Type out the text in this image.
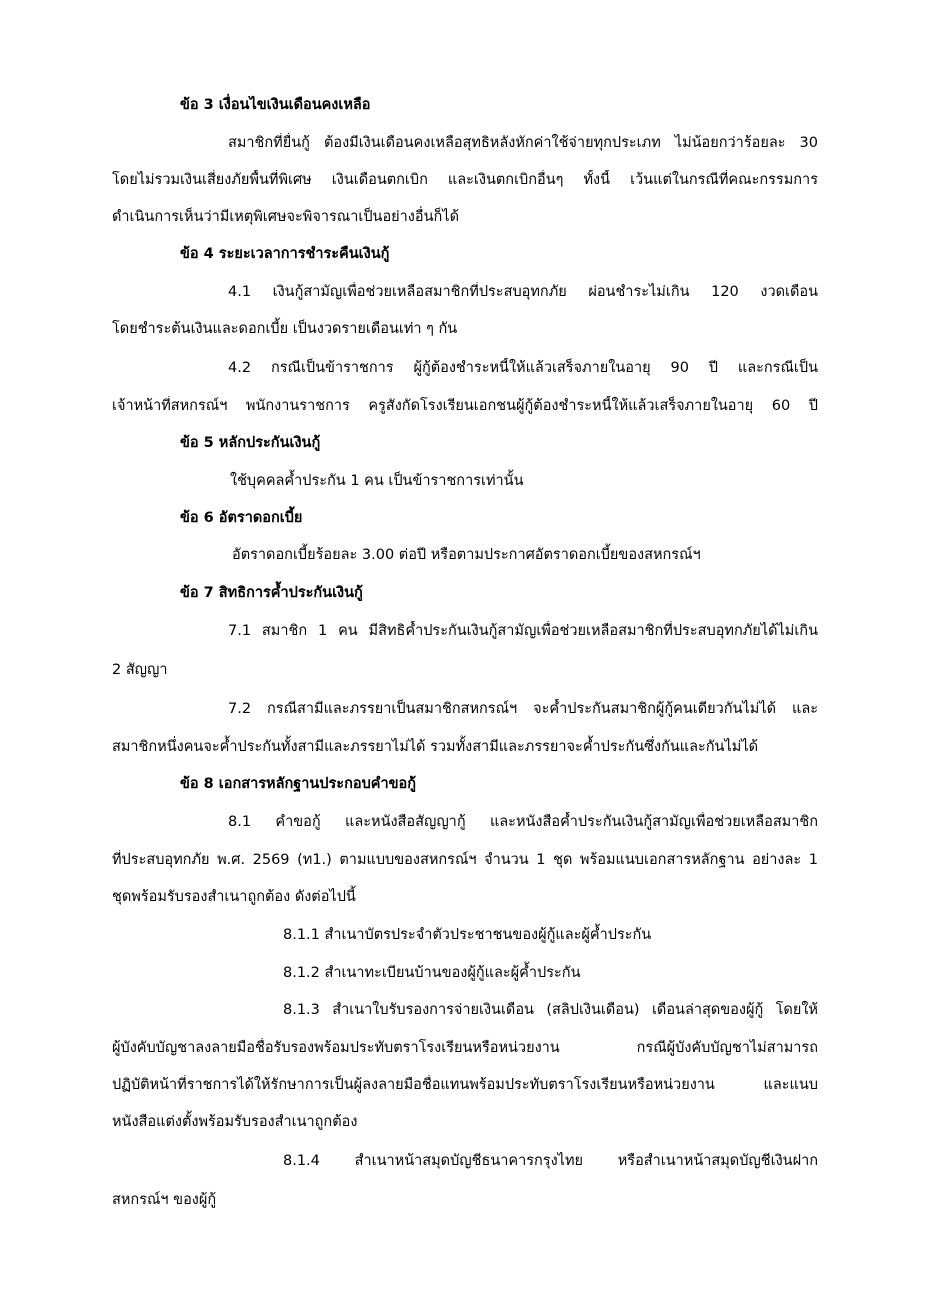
ข้อ 3 เงื่อนไขเงินเดือนคงเหลือ
สมาชิกที่ยื่นกู้ ต้องมีเงินเดือนคงเหลือสุทธิหลังหักค่าใช้จ่ายทุกประเภท ไม่น้อยกว่าร้อยละ 30
โดยไม่รวมเงินเสี่ยงภัยพื้นที่พิเศษ เงินเดือนตกเบิก และเงินตกเบิกอื่นๆ ทั้งนี้ เว้นแต่ในกรณีที่คณะกรรมการ
ดำเนินการเห็นว่ามีเหตุพิเศษจะพิจารณาเป็นอย่างอื่นก็ได้
ข้อ 4 ระยะเวลาการชำระคืนเงินกู้
4.1 เงินกู้สามัญเพื่อช่วยเหลือสมาชิกที่ประสบอุทกภัย ผ่อนชำระไม่เกิน 120 งวดเดือน
โดยชำระต้นเงินและดอกเบี้ย เป็นงวดรายเดือนเท่า ๆ กัน
4.2 กรณีเป็นข้าราชการ ผู้กู้ต้องชำระหนี้ให้แล้วเสร็จภายในอายุ 90 ปี และกรณีเป็น
เจ้าหน้าที่สหกรณ์ฯ พนักงานราชการ ครูสังกัดโรงเรียนเอกชนผู้กู้ต้องชำระหนี้ให้แล้วเสร็จภายในอายุ 60 ปี
ข้อ 5 หลักประกันเงินกู้
ใช้บุคคลค้ำประกัน 1 คน เป็นข้าราชการเท่านั้น
ข้อ 6 อัตราดอกเบี้ย
อัตราดอกเบี้ยร้อยละ 3.00 ต่อปี หรือตามประกาศอัตราดอกเบี้ยของสหกรณ์ฯ
ข้อ 7 สิทธิการค้ำประกันเงินกู้
7.1 สมาชิก 1 คน มีสิทธิค้ำประกันเงินกู้สามัญเพื่อช่วยเหลือสมาชิกที่ประสบอุทกภัยได้ไม่เกิน
2 สัญญา
7.2 กรณีสามีและภรรยาเป็นสมาชิกสหกรณ์ฯ จะค้ำประกันสมาชิกผู้กู้คนเดียวกันไม่ได้ และ
สมาชิกหนึ่งคนจะค้ำประกันทั้งสามีและภรรยาไม่ได้ รวมทั้งสามีและภรรยาจะค้ำประกันซึ่งกันและกันไม่ได้
ข้อ 8 เอกสารหลักฐานประกอบคำขอกู้
8.1 คำขอกู้ และหนังสือสัญญากู้ และหนังสือค้ำประกันเงินกู้สามัญเพื่อช่วยเหลือสมาชิก
ที่ประสบอุทกภัย พ.ศ. 2569 (ท1.) ตามแบบของสหกรณ์ฯ จำนวน 1 ชุด พร้อมแนบเอกสารหลักฐาน อย่างละ 1
ชุดพร้อมรับรองสำเนาถูกต้อง ดังต่อไปนี้
8.1.1 สำเนาบัตรประจำตัวประชาชนของผู้กู้และผู้ค้ำประกัน
8.1.2 สำเนาทะเบียนบ้านของผู้กู้และผู้ค้ำประกัน
8.1.3 สำเนาใบรับรองการจ่ายเงินเดือน (สลิปเงินเดือน) เดือนล่าสุดของผู้กู้ โดยให้
ผู้บังคับบัญชาลงลายมือชื่อรับรองพร้อมประทับตราโรงเรียนหรือหน่วยงาน กรณีผู้บังคับบัญชาไม่สามารถ
ปฏิบัติหน้าที่ราชการได้ให้รักษาการเป็นผู้ลงลายมือชื่อแทนพร้อมประทับตราโรงเรียนหรือหน่วยงาน และแนบ
หนังสือแต่งตั้งพร้อมรับรองสำเนาถูกต้อง
8.1.4 สำเนาหน้าสมุดบัญชีธนาคารกรุงไทย หรือสำเนาหน้าสมุดบัญชีเงินฝาก
สหกรณ์ฯ ของผู้กู้
